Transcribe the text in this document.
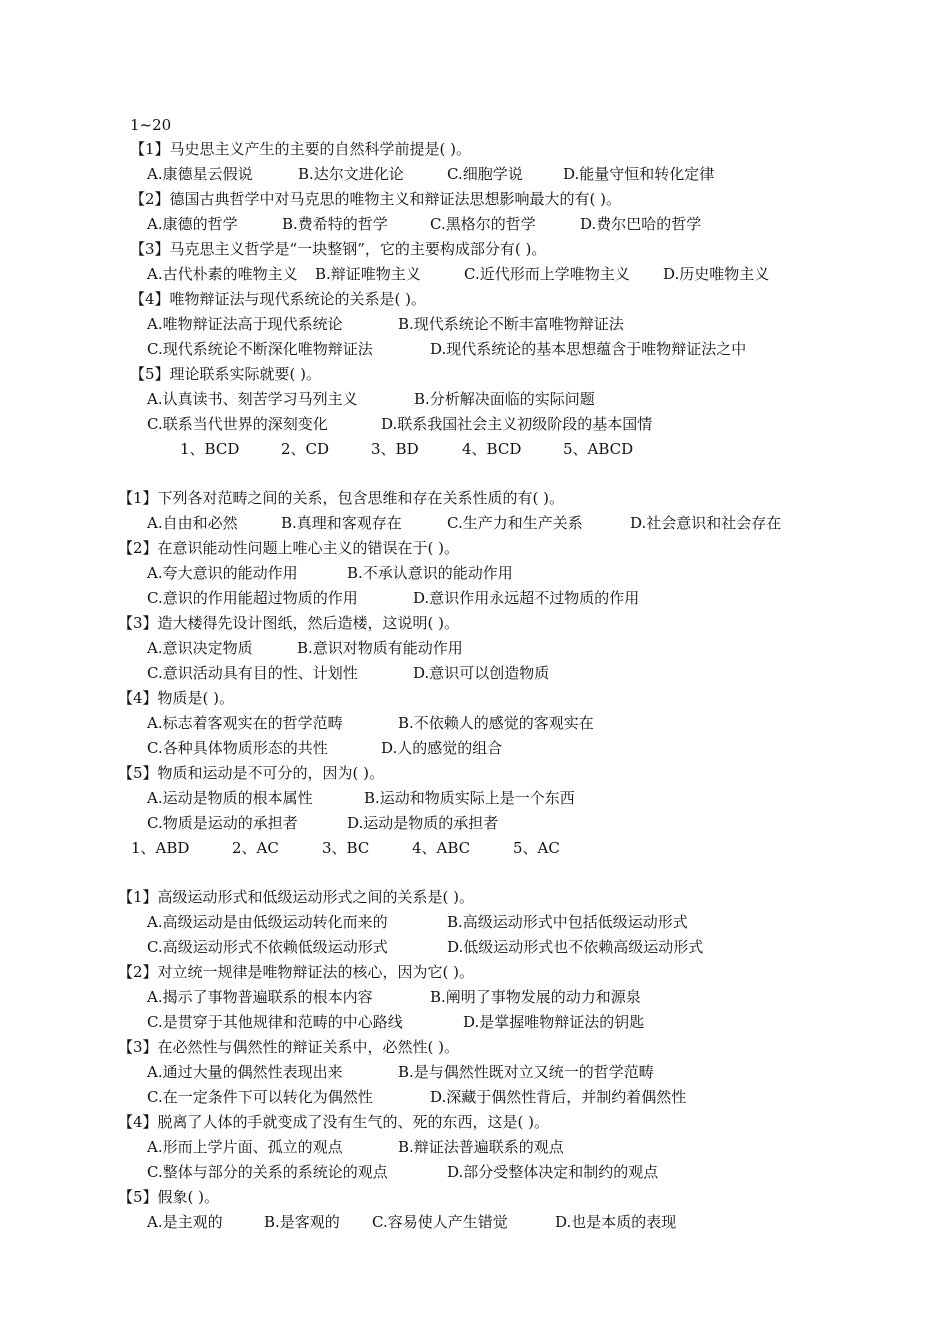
1~20
【1】马史思主义产生的主要的自然科学前提是( )。
A.康德星云假说	B.达尔文进化论	C.细胞学说	D.能量守恒和转化定律
【2】德国古典哲学中对马克思的唯物主义和辩证法思想影响最大的有( )。
A.康德的哲学	B.费希特的哲学	C.黑格尔的哲学	D.费尔巴哈的哲学
【3】马克思主义哲学是“一块整钢”，它的主要构成部分有( )。
A.古代朴素的唯物主义 B.辩证唯物主义	C.近代形而上学唯物主义 D.历史唯物主义
【4】唯物辩证法与现代系统论的关系是( )。
A.唯物辩证法高于现代系统论	B.现代系统论不断丰富唯物辩证法
C.现代系统论不断深化唯物辩证法	D.现代系统论的基本思想蕴含于唯物辩证法之中
【5】理论联系实际就要( )。
A.认真读书、刻苦学习马列主义	B.分析解决面临的实际问题
C.联系当代世界的深刻变化	D.联系我国社会主义初级阶段的基本国情
1、BCD	2、CD	3、BD	4、BCD	5、ABCD
【1】下列各对范畴之间的关系，包含思维和存在关系性质的有( )。
A.自由和必然	B.真理和客观存在	C.生产力和生产关系	D.社会意识和社会存在
【2】在意识能动性问题上唯心主义的错误在于( )。
A.夸大意识的能动作用	B.不承认意识的能动作用
C.意识的作用能超过物质的作用	D.意识作用永远超不过物质的作用
【3】造大楼得先设计图纸，然后造楼，这说明( )。
A.意识决定物质	B.意识对物质有能动作用
C.意识活动具有目的性、计划性	D.意识可以创造物质
【4】物质是( )。
A.标志着客观实在的哲学范畴	B.不依赖人的感觉的客观实在
C.各种具体物质形态的共性	D.人的感觉的组合
【5】物质和运动是不可分的，因为( )。
A.运动是物质的根本属性	B.运动和物质实际上是一个东西
C.物质是运动的承担者	D.运动是物质的承担者
1、ABD	2、AC	3、BC	4、ABC	5、AC
【1】高级运动形式和低级运动形式之间的关系是( )。
A.高级运动是由低级运动转化而来的	B.高级运动形式中包括低级运动形式
C.高级运动形式不依赖低级运动形式	D.低级运动形式也不依赖高级运动形式
【2】对立统一规律是唯物辩证法的核心，因为它( )。
A.揭示了事物普遍联系的根本内容	B.阐明了事物发展的动力和源泉
C.是贯穿于其他规律和范畴的中心路线	D.是掌握唯物辩证法的钥匙
【3】在必然性与偶然性的辩证关系中，必然性( )。
A.通过大量的偶然性表现出来	B.是与偶然性既对立又统一的哲学范畴
C.在一定条件下可以转化为偶然性	D.深藏于偶然性背后，并制约着偶然性
【4】脱离了人体的手就变成了没有生气的、死的东西，这是( )。
A.形而上学片面、孤立的观点	B.辩证法普遍联系的观点
C.整体与部分的关系的系统论的观点	D.部分受整体决定和制约的观点
【5】假象( )。
A.是主观的	B.是客观的 C.容易使人产生错觉	D.也是本质的表现
